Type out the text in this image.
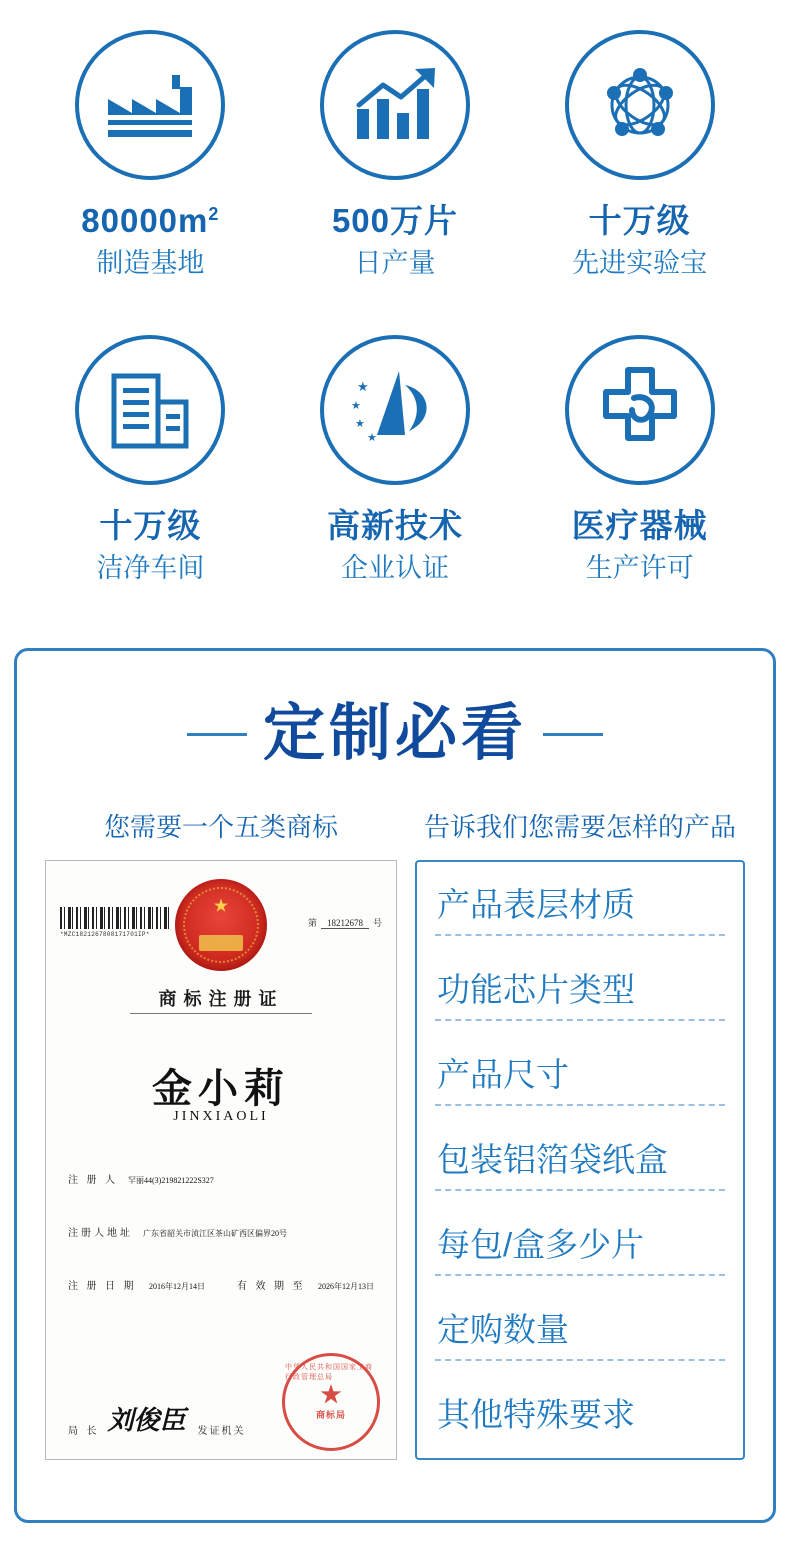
$80000m^2$
制造基地
500万片
日产量
十万级
先进实验宝
十万级
洁净车间
★
★
★
★
高新技术
企业认证
医疗器械
生产许可
定制必看
您需要一个五类商标
*MZC1821267808171701IP*
第	18212678	号
★
商标注册证
金小莉
JINXIAOLI
注 册 人 罕丽44(3)219821222S327
注册人地址 广东省韶关市浈江区茶山矿西区偏界20号
注 册 日 期 2016年12月14日	有 效 期 至 2026年12月13日
局 长 刘俊臣 发证机关
中华人民共和国国家工商行政管理总局
★
商标局
告诉我们您需要怎样的产品
产品表层材质
功能芯片类型
产品尺寸
包装铝箔袋纸盒
每包/盒多少片
定购数量
其他特殊要求
